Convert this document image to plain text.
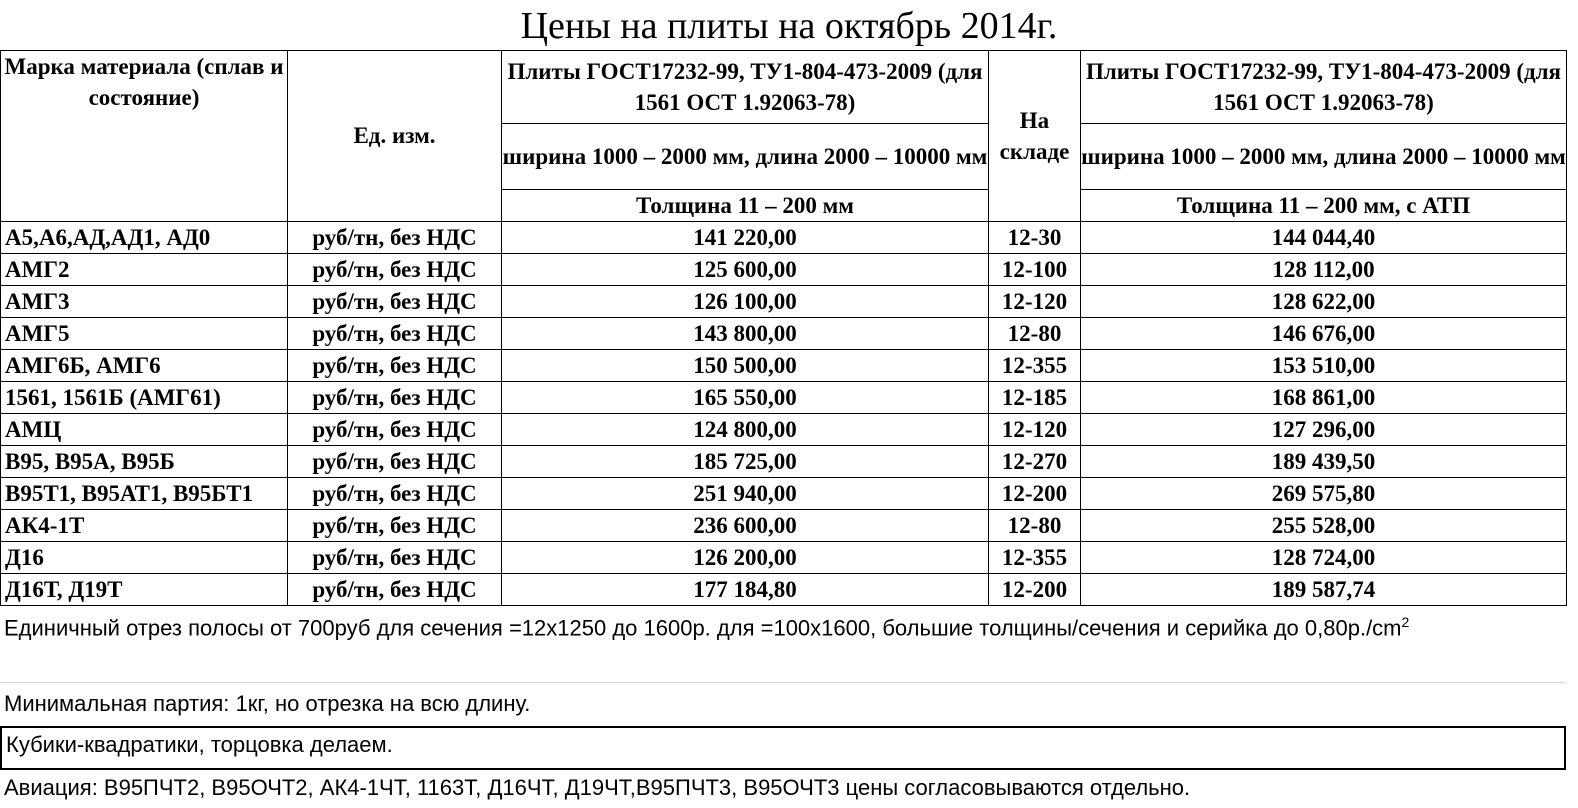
Цены на плиты на октябрь 2014г.
Марка материала (сплав и состояние)	Ед. изм.	Плиты ГОСТ17232-99, ТУ1-804-473-2009 (для 1561 ОСТ 1.92063-78)	На складе	Плиты ГОСТ17232-99, ТУ1-804-473-2009 (для 1561 ОСТ 1.92063-78)
		ширина 1000 – 2000 мм, длина 2000 – 10000 мм		ширина 1000 – 2000 мм, длина 2000 – 10000 мм
		Толщина 11 – 200 мм		Толщина 11 – 200 мм, с АТП
А5,А6,АД,АД1, АД0	руб/тн, без НДС	141 220,00	12-30	144 044,40
АМГ2	руб/тн, без НДС	125 600,00	12-100	128 112,00
АМГ3	руб/тн, без НДС	126 100,00	12-120	128 622,00
АМГ5	руб/тн, без НДС	143 800,00	12-80	146 676,00
АМГ6Б, АМГ6	руб/тн, без НДС	150 500,00	12-355	153 510,00
1561, 1561Б (АМГ61)	руб/тн, без НДС	165 550,00	12-185	168 861,00
АМЦ	руб/тн, без НДС	124 800,00	12-120	127 296,00
В95, В95А, В95Б	руб/тн, без НДС	185 725,00	12-270	189 439,50
В95Т1, В95АТ1, В95БТ1	руб/тн, без НДС	251 940,00	12-200	269 575,80
АК4-1Т	руб/тн, без НДС	236 600,00	12-80	255 528,00
Д16	руб/тн, без НДС	126 200,00	12-355	128 724,00
Д16Т, Д19Т	руб/тн, без НДС	177 184,80	12-200	189 587,74
Единичный отрез полосы от 700руб для сечения =12х1250 до 1600р. для =100х1600, большие толщины/сечения и серийка до $0,80р./cm^2$
Минимальная партия: 1кг, но отрезка на всю длину.
Кубики-квадратики, торцовка делаем.
Авиация: В95ПЧТ2, В95ОЧТ2, АК4-1ЧТ, 1163Т, Д16ЧТ, Д19ЧТ,В95ПЧТ3, В95ОЧТ3 цены согласовываются отдельно.
